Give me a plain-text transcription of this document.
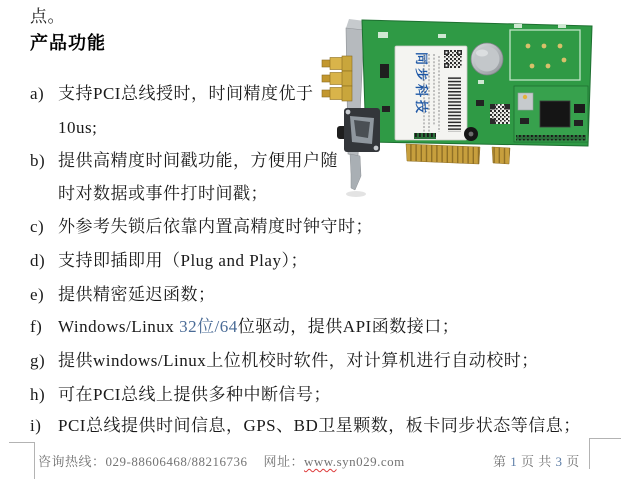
点。
产品功能
a) 支持PCI总线授时，时间精度优于
10us;
b) 提供高精度时间戳功能，方便用户随
时对数据或事件打时间戳；
c) 外参考失锁后依靠内置高精度时钟守时；
d) 支持即插即用（Plug and Play）；
e) 提供精密延迟函数；
f) Windows/Linux 32位/64位驱动，提供API函数接口；
g) 提供windows/Linux上位机校时软件，对计算机进行自动校时；
h) 可在PCI总线上提供多种中断信号；
i) PCI总线提供时间信息，GPS、BD卫星颗数，板卡同步状态等信息；
同步科技
咨询热线：029-88606468/88216736 网址：www.syn029.com	第 1 页 共 3 页
